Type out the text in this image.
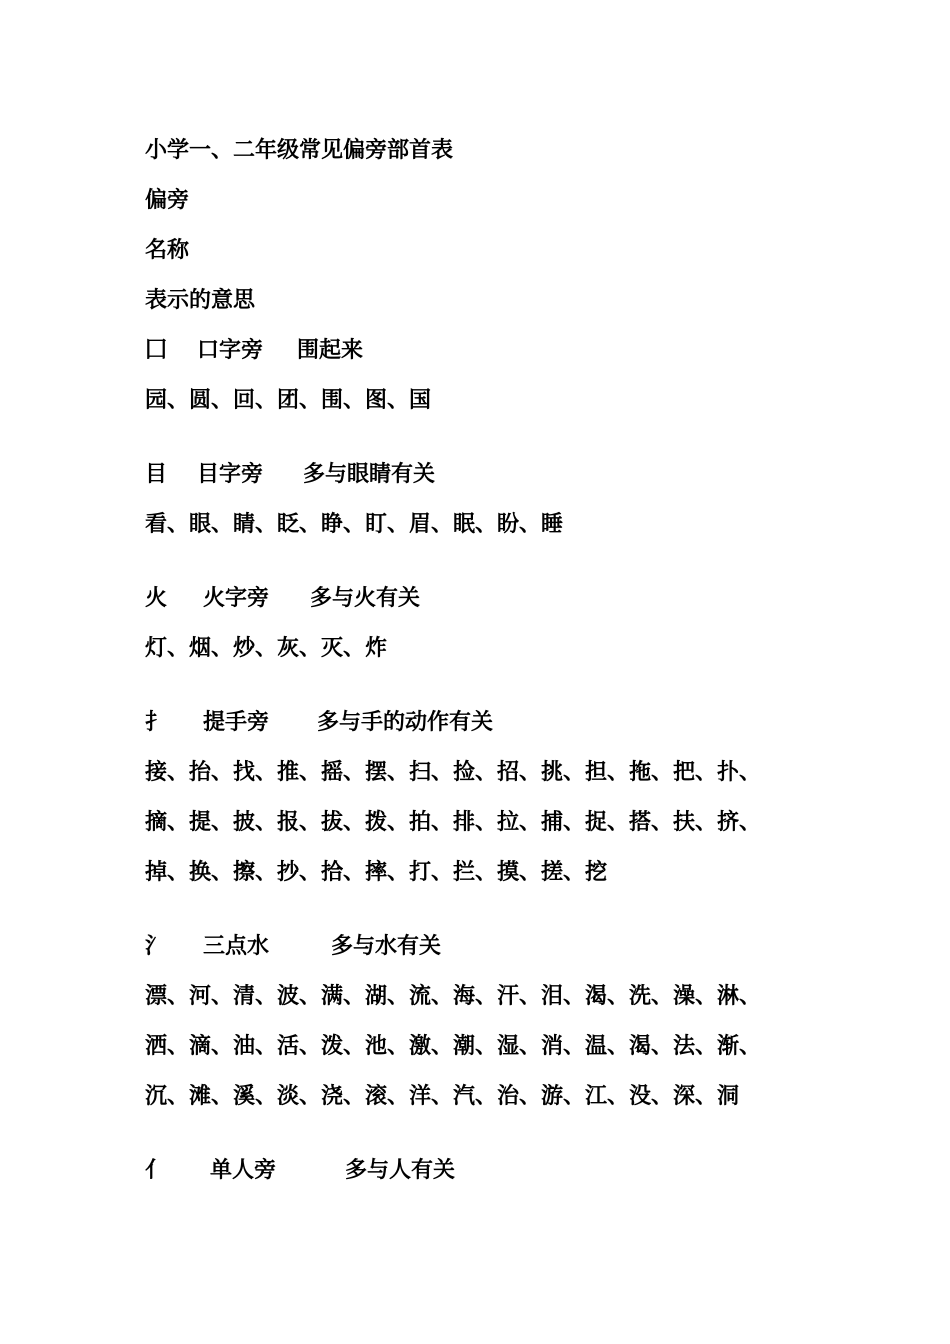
小学一、二年级常见偏旁部首表
偏旁
名称
表示的意思
囗 口字旁 围起来
园、圆、回、团、围、图、国
目 目字旁 多与眼睛有关
看、眼、睛、眨、睁、盯、眉、眠、盼、睡
火 火字旁 多与火有关
灯、烟、炒、灰、灭、炸
扌 提手旁 多与手的动作有关
接、抬、找、推、摇、摆、扫、捡、招、挑、担、拖、把、扑、
摘、提、披、报、拔、拨、拍、排、拉、捕、捉、搭、扶、挤、
掉、换、擦、抄、拾、摔、打、拦、摸、搓、挖
氵 三点水	多与水有关
漂、河、清、波、满、湖、流、海、汗、泪、渴、洗、澡、淋、
洒、滴、油、活、泼、池、激、潮、湿、消、温、渴、法、渐、
沉、滩、溪、淡、浇、滚、洋、汽、治、游、江、没、深、洞
亻 单人旁	多与人有关
